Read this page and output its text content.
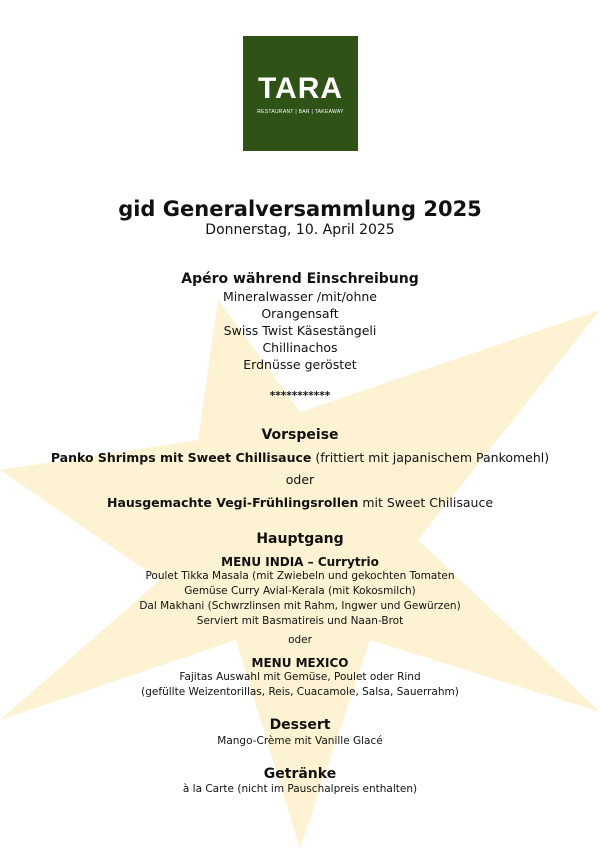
TARA
RESTAURANT | BAR | TAKEAWAY
gid Generalversammlung 2025
Donnerstag, 10. April 2025
Apéro während Einschreibung
Mineralwasser /mit/ohne
Orangensaft
Swiss Twist Käsestängeli
Chillinachos
Erdnüsse geröstet
***********
Vorspeise
Panko Shrimps mit Sweet Chillisauce (frittiert mit japanischem Pankomehl)
oder
Hausgemachte Vegi-Frühlingsrollen mit Sweet Chilisauce
Hauptgang
MENU INDIA – Currytrio
Poulet Tikka Masala (mit Zwiebeln und gekochten Tomaten
Gemüse Curry Avial-Kerala (mit Kokosmilch)
Dal Makhani (Schwrzlinsen mit Rahm, Ingwer und Gewürzen)
Serviert mit Basmatireis und Naan-Brot
oder
MENU MEXICO
Fajitas Auswahl mit Gemüse, Poulet oder Rind
(gefüllte Weizentorillas, Reis, Cuacamole, Salsa, Sauerrahm)
Dessert
Mango-Crème mit Vanille Glacé
Getränke
à la Carte (nicht im Pauschalpreis enthalten)
